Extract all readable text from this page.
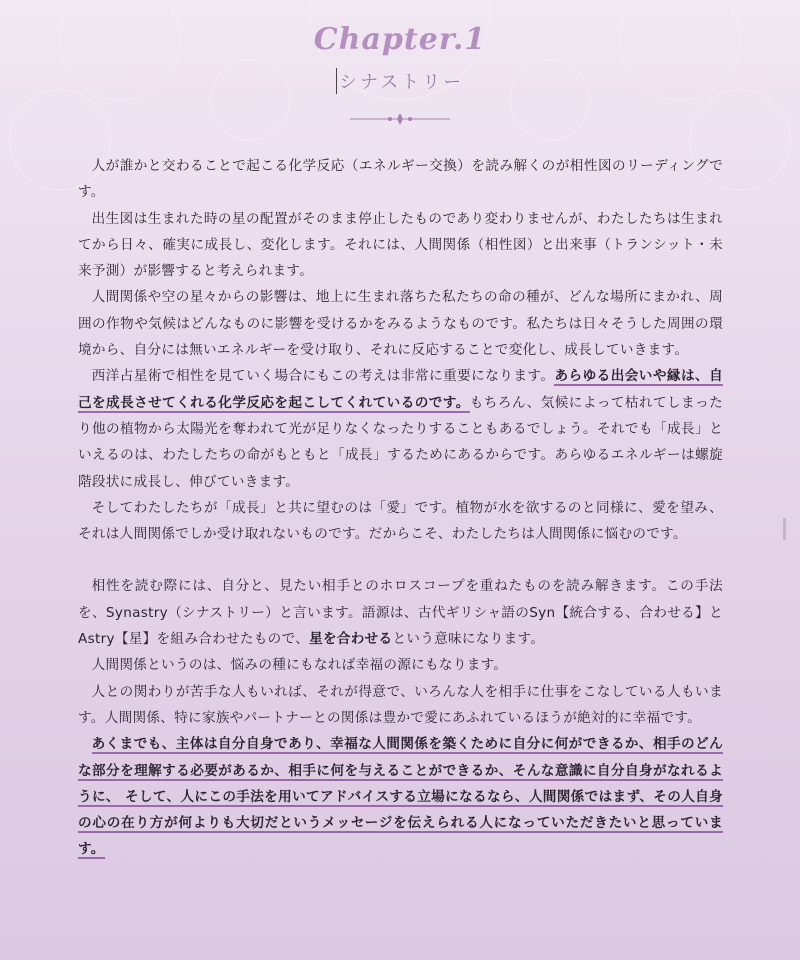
Chapter.1
シナストリー

人が誰かと交わることで起こる化学反応（エネルギー交換）を読み解くのが相性図のリーディングです。

出生図は生まれた時の星の配置がそのまま停止したものであり変わりませんが、わたしたちは生まれてから日々、確実に成長し、変化します。それには、人間関係（相性図）と出来事（トランシット・未来予測）が影響すると考えられます。

人間関係や空の星々からの影響は、地上に生まれ落ちた私たちの命の種が、どんな場所にまかれ、周囲の作物や気候はどんなものに影響を受けるかをみるようなものです。私たちは日々そうした周囲の環境から、自分には無いエネルギーを受け取り、それに反応することで変化し、成長していきます。

西洋占星術で相性を見ていく場合にもこの考えは非常に重要になります。あらゆる出会いや縁は、自己を成長させてくれる化学反応を起こしてくれているのです。もちろん、気候によって枯れてしまったり他の植物から太陽光を奪われて光が足りなくなったりすることもあるでしょう。それでも「成長」といえるのは、わたしたちの命がもともと「成長」するためにあるからです。あらゆるエネルギーは螺旋階段状に成長し、伸びていきます。

そしてわたしたちが「成長」と共に望むのは「愛」です。植物が水を欲するのと同様に、愛を望み、それは人間関係でしか受け取れないものです。だからこそ、わたしたちは人間関係に悩むのです。

相性を読む際には、自分と、見たい相手とのホロスコープを重ねたものを読み解きます。この手法を、Synastry（シナストリー）と言います。語源は、古代ギリシャ語のSyn【統合する、合わせる】とAstry【星】を組み合わせたもので、星を合わせるという意味になります。

人間関係というのは、悩みの種にもなれば幸福の源にもなります。

人との関わりが苦手な人もいれば、それが得意で、いろんな人を相手に仕事をこなしている人もいます。人間関係、特に家族やパートナーとの関係は豊かで愛にあふれているほうが絶対的に幸福です。

あくまでも、主体は自分自身であり、幸福な人間関係を築くために自分に何ができるか、相手のどんな部分を理解する必要があるか、相手に何を与えることができるか、そんな意識に自分自身がなれるように、 そして、人にこの手法を用いてアドバイスする立場になるなら、人間関係ではまず、その人自身の心の在り方が何よりも大切だというメッセージを伝えられる人になっていただきたいと思っています。
